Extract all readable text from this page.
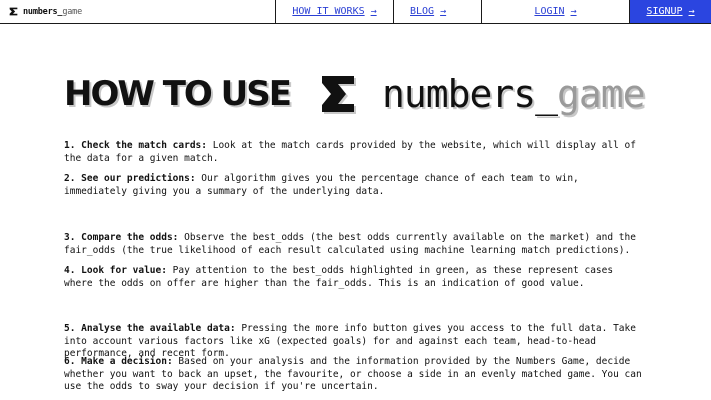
numbers_game	HOW IT WORKS →	BLOG →	LOGIN →	SIGNUP →
HOW TO USE numbers_game

1. Check the match cards: Look at the match cards provided by the website, which will display all of the data for a given match.

2. See our predictions: Our algorithm gives you the percentage chance of each team to win, immediately giving you a summary of the underlying data.

3. Compare the odds: Observe the best_odds (the best odds currently available on the market) and the fair_odds (the true likelihood of each result calculated using machine learning match predictions).

4. Look for value: Pay attention to the best_odds highlighted in green, as these represent cases where the odds on offer are higher than the fair_odds. This is an indication of good value.

5. Analyse the available data: Pressing the more info button gives you access to the full data. Take into account various factors like xG (expected goals) for and against each team, head-to-head performance, and recent form.

6. Make a decision: Based on your analysis and the information provided by the Numbers Game, decide whether you want to back an upset, the favourite, or choose a side in an evenly matched game. You can use the odds to sway your decision if you're uncertain.
